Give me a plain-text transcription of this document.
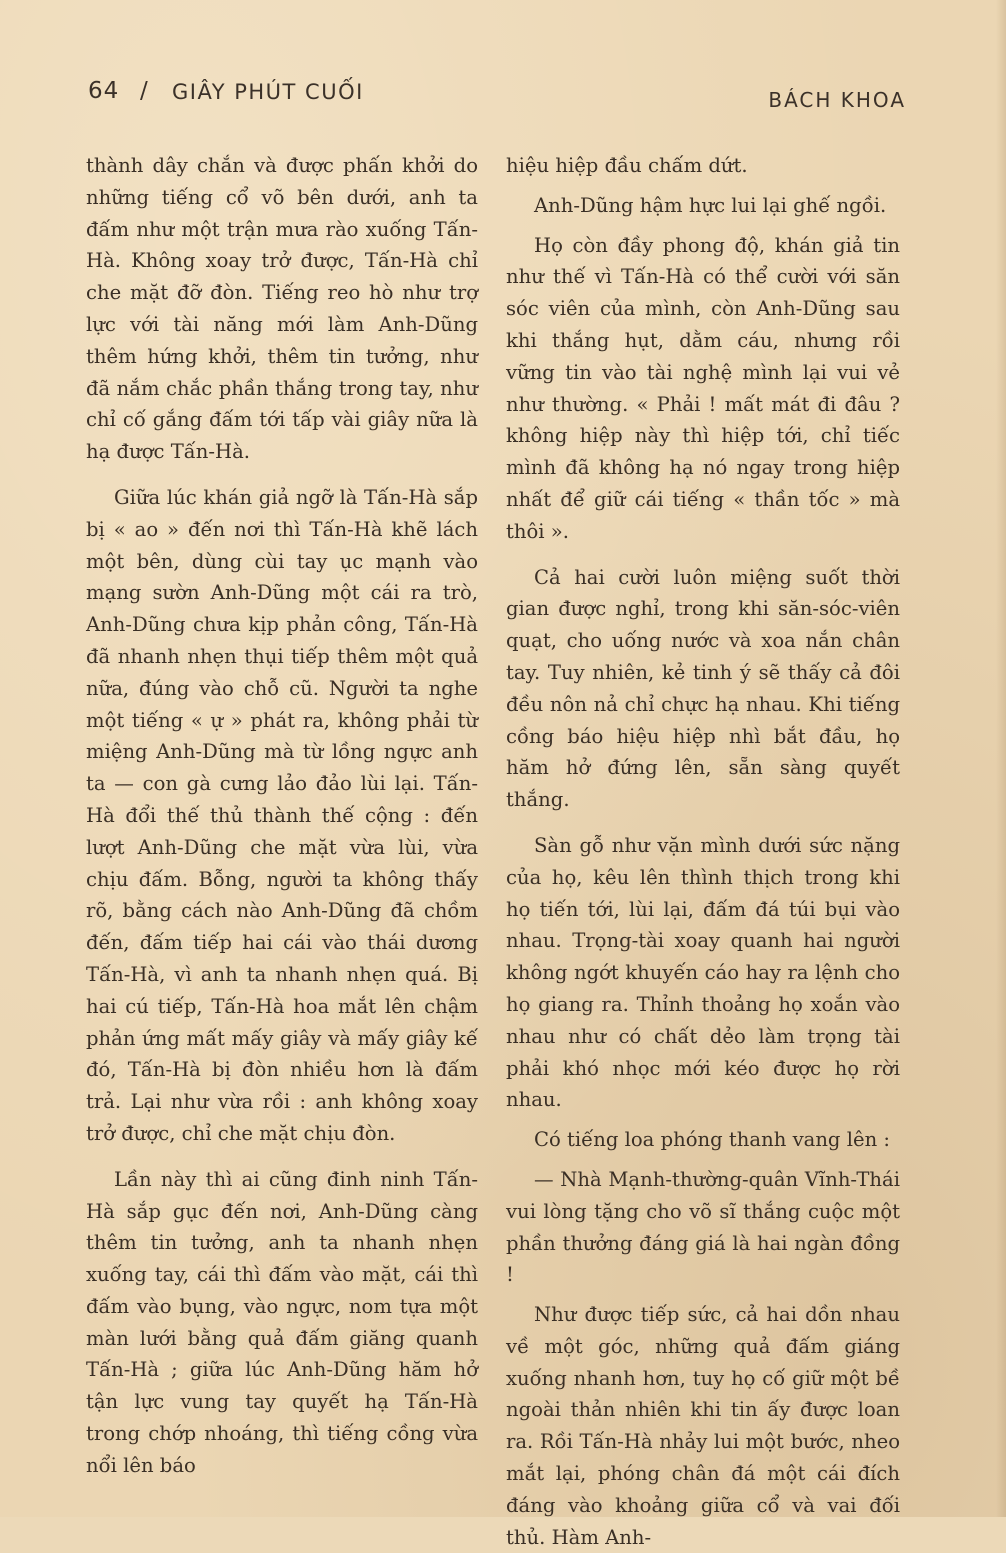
64 / GIÂY PHÚT CUỐI	BÁCH KHOA

thành dây chắn và được phấn khởi do những tiếng cổ võ bên dưới, anh ta đấm như một trận mưa rào xuống Tấn-Hà. Không xoay trở được, Tấn-Hà chỉ che mặt đỡ đòn. Tiếng reo hò như trợ lực với tài năng mới làm Anh-Dũng thêm hứng khởi, thêm tin tưởng, như đã nắm chắc phần thắng trong tay, như chỉ cố gắng đấm tới tấp vài giây nữa là hạ được Tấn-Hà.

Giữa lúc khán giả ngỡ là Tấn-Hà sắp bị « ao » đến nơi thì Tấn-Hà khẽ lách một bên, dùng cùi tay ục mạnh vào mạng sườn Anh-Dũng một cái ra trò, Anh-Dũng chưa kịp phản công, Tấn-Hà đã nhanh nhẹn thụi tiếp thêm một quả nữa, đúng vào chỗ cũ. Người ta nghe một tiếng « ự » phát ra, không phải từ miệng Anh-Dũng mà từ lồng ngực anh ta — con gà cưng lảo đảo lùi lại. Tấn-Hà đổi thế thủ thành thế cộng : đến lượt Anh-Dũng che mặt vừa lùi, vừa chịu đấm. Bỗng, người ta không thấy rõ, bằng cách nào Anh-Dũng đã chồm đến, đấm tiếp hai cái vào thái dương Tấn-Hà, vì anh ta nhanh nhẹn quá. Bị hai cú tiếp, Tấn-Hà hoa mắt lên chậm phản ứng mất mấy giây và mấy giây kế đó, Tấn-Hà bị đòn nhiều hơn là đấm trả. Lại như vừa rồi : anh không xoay trở được, chỉ che mặt chịu đòn.

Lần này thì ai cũng đinh ninh Tấn-Hà sắp gục đến nơi, Anh-Dũng càng thêm tin tưởng, anh ta nhanh nhẹn xuống tay, cái thì đấm vào mặt, cái thì đấm vào bụng, vào ngực, nom tựa một màn lưới bằng quả đấm giăng quanh Tấn-Hà ; giữa lúc Anh-Dũng hăm hở tận lực vung tay quyết hạ Tấn-Hà trong chớp nhoáng, thì tiếng cồng vừa nổi lên báo

hiệu hiệp đầu chấm dứt.

Anh-Dũng hậm hực lui lại ghế ngồi.

Họ còn đầy phong độ, khán giả tin như thế vì Tấn-Hà có thể cười với săn sóc viên của mình, còn Anh-Dũng sau khi thắng hụt, dằm cáu, nhưng rồi vững tin vào tài nghệ mình lại vui vẻ như thường. « Phải ! mất mát đi đâu ? không hiệp này thì hiệp tới, chỉ tiếc mình đã không hạ nó ngay trong hiệp nhất để giữ cái tiếng « thần tốc » mà thôi ».

Cả hai cười luôn miệng suốt thời gian được nghỉ, trong khi săn-sóc-viên quạt, cho uống nước và xoa nắn chân tay. Tuy nhiên, kẻ tinh ý sẽ thấy cả đôi đều nôn nả chỉ chực hạ nhau. Khi tiếng cồng báo hiệu hiệp nhì bắt đầu, họ hăm hở đứng lên, sẵn sàng quyết thắng.

Sàn gỗ như vặn mình dưới sức nặng của họ, kêu lên thình thịch trong khi họ tiến tới, lùi lại, đấm đá túi bụi vào nhau. Trọng-tài xoay quanh hai người không ngớt khuyến cáo hay ra lệnh cho họ giang ra. Thỉnh thoảng họ xoắn vào nhau như có chất dẻo làm trọng tài phải khó nhọc mới kéo được họ rời nhau.

Có tiếng loa phóng thanh vang lên :

— Nhà Mạnh-thường-quân Vĩnh-Thái vui lòng tặng cho võ sĩ thắng cuộc một phần thưởng đáng giá là hai ngàn đồng !

Như được tiếp sức, cả hai dồn nhau về một góc, những quả đấm giáng xuống nhanh hơn, tuy họ cố giữ một bề ngoài thản nhiên khi tin ấy được loan ra. Rồi Tấn-Hà nhảy lui một bước, nheo mắt lại, phóng chân đá một cái đích đáng vào khoảng giữa cổ và vai đối thủ. Hàm Anh-
